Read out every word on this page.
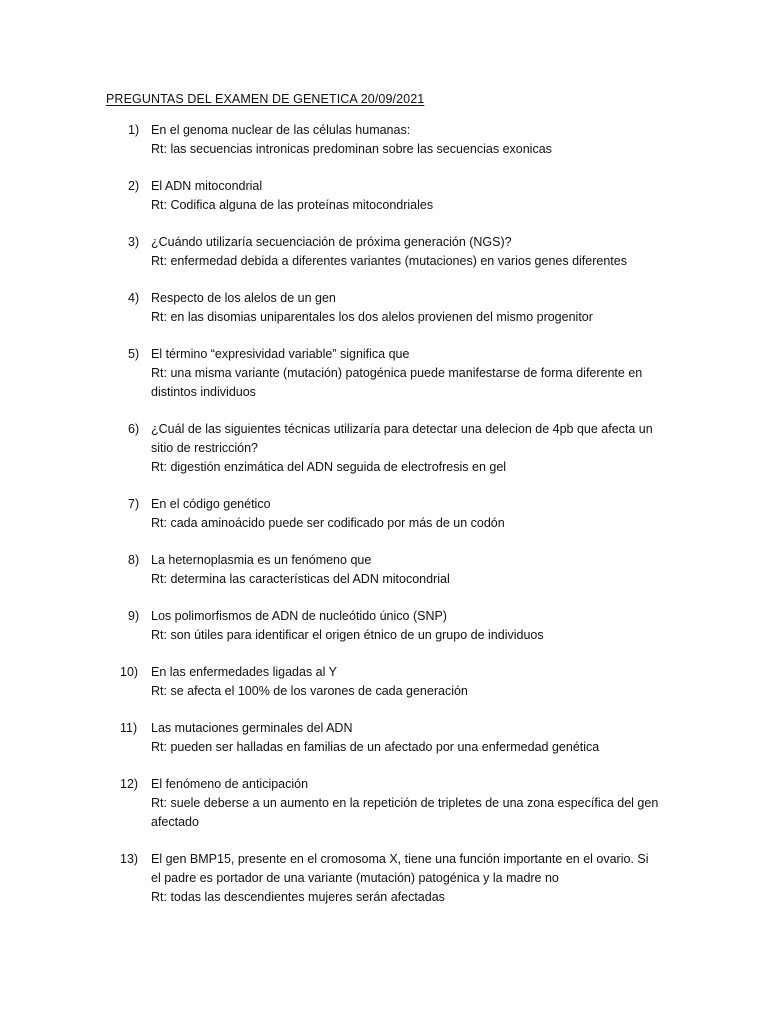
PREGUNTAS DEL EXAMEN DE GENETICA 20/09/2021
1) En el genoma nuclear de las células humanas:
Rt: las secuencias intronicas predominan sobre las secuencias exonicas
2) El ADN mitocondrial
Rt: Codifica alguna de las proteínas mitocondriales
3) ¿Cuándo utilizaría secuenciación de próxima generación (NGS)?
Rt: enfermedad debida a diferentes variantes (mutaciones) en varios genes diferentes
4) Respecto de los alelos de un gen
Rt: en las disomias uniparentales los dos alelos provienen del mismo progenitor
5) El término “expresividad variable” significa que
Rt: una misma variante (mutación) patogénica puede manifestarse de forma diferente en distintos individuos
6) ¿Cuál de las siguientes técnicas utilizaría para detectar una delecion de 4pb que afecta un sitio de restricción?
Rt: digestión enzimática del ADN seguida de electrofresis en gel
7) En el código genético
Rt: cada aminoácido puede ser codificado por más de un codón
8) La heternoplasmia es un fenómeno que
Rt: determina las características del ADN mitocondrial
9) Los polimorfismos de ADN de nucleótido único (SNP)
Rt: son útiles para identificar el origen étnico de un grupo de individuos
10) En las enfermedades ligadas al Y
Rt: se afecta el 100% de los varones de cada generación
11) Las mutaciones germinales del ADN
Rt: pueden ser halladas en familias de un afectado por una enfermedad genética
12) El fenómeno de anticipación
Rt: suele deberse a un aumento en la repetición de tripletes de una zona específica del gen afectado
13) El gen BMP15, presente en el cromosoma X, tiene una función importante en el ovario. Si el padre es portador de una variante (mutación) patogénica y la madre no
Rt: todas las descendientes mujeres serán afectadas
